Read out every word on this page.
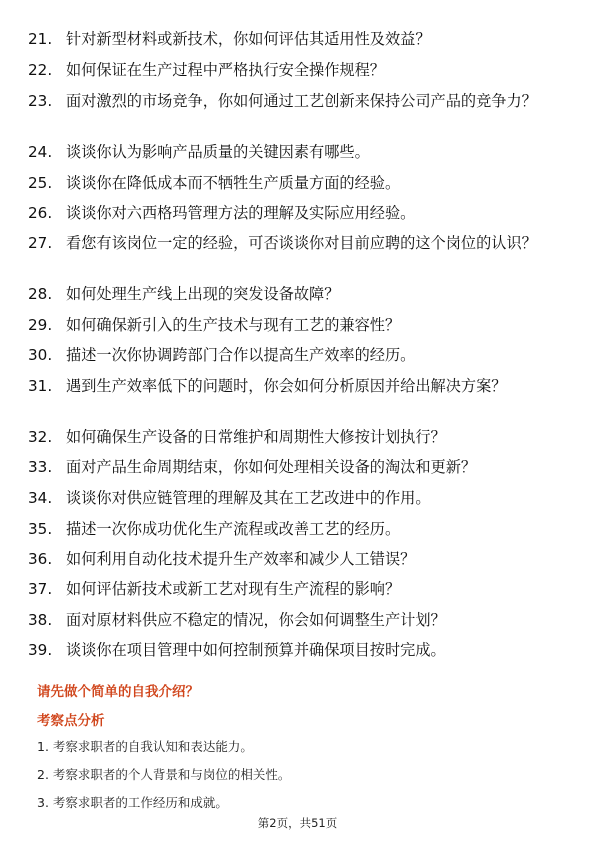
21. 针对新型材料或新技术，你如何评估其适用性及效益？
22. 如何保证在生产过程中严格执行安全操作规程？
23. 面对激烈的市场竞争，你如何通过工艺创新来保持公司产品的竞争力？
24. 谈谈你认为影响产品质量的关键因素有哪些。
25. 谈谈你在降低成本而不牺牲生产质量方面的经验。
26. 谈谈你对六西格玛管理方法的理解及实际应用经验。
27. 看您有该岗位一定的经验，可否谈谈你对目前应聘的这个岗位的认识？
28. 如何处理生产线上出现的突发设备故障？
29. 如何确保新引入的生产技术与现有工艺的兼容性？
30. 描述一次你协调跨部门合作以提高生产效率的经历。
31. 遇到生产效率低下的问题时，你会如何分析原因并给出解决方案？
32. 如何确保生产设备的日常维护和周期性大修按计划执行？
33. 面对产品生命周期结束，你如何处理相关设备的淘汰和更新？
34. 谈谈你对供应链管理的理解及其在工艺改进中的作用。
35. 描述一次你成功优化生产流程或改善工艺的经历。
36. 如何利用自动化技术提升生产效率和减少人工错误？
37. 如何评估新技术或新工艺对现有生产流程的影响？
38. 面对原材料供应不稳定的情况，你会如何调整生产计划？
39. 谈谈你在项目管理中如何控制预算并确保项目按时完成。
请先做个简单的自我介绍？
考察点分析
1. 考察求职者的自我认知和表达能力。
2. 考察求职者的个人背景和与岗位的相关性。
3. 考察求职者的工作经历和成就。
第2页，共51页
